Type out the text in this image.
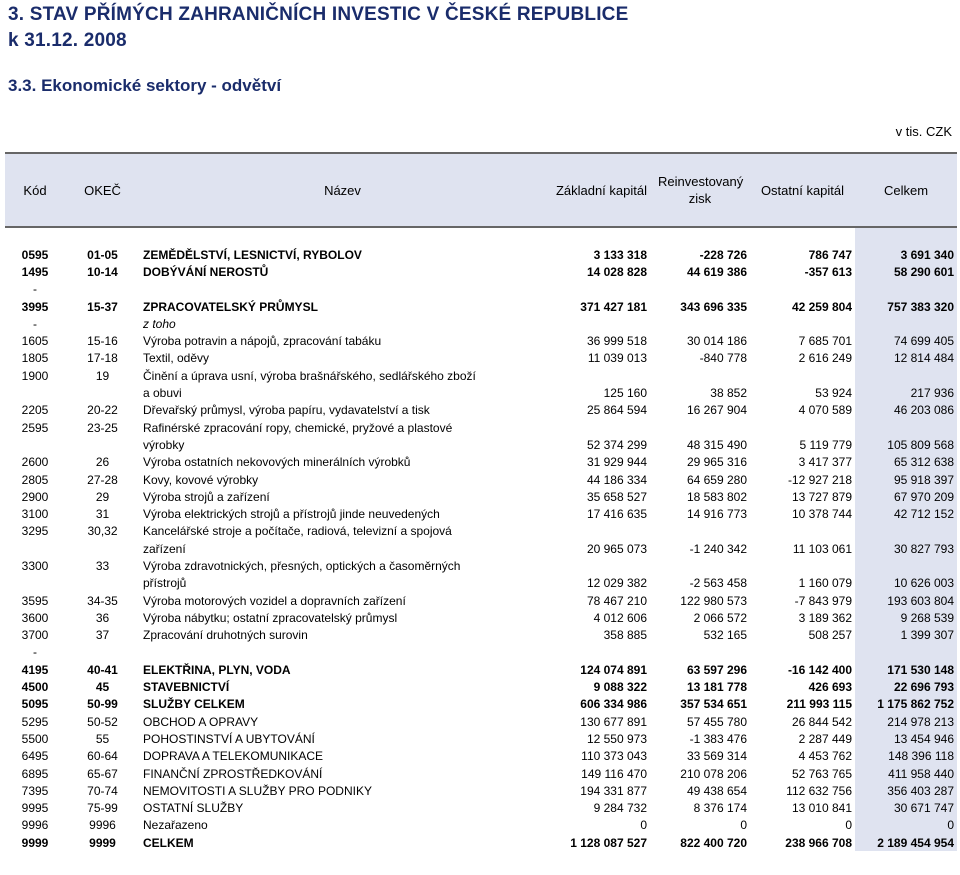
3. STAV PŘÍMÝCH ZAHRANIČNÍCH INVESTIC V ČESKÉ REPUBLICE
k 31.12. 2008
3.3. Ekonomické sektory - odvětví
v tis. CZK
Kód	OKEČ	Název	Základní kapitál	Reinvestovaný zisk	Ostatní kapitál	Celkem
0595	01-05	ZEMĚDĚLSTVÍ, LESNICTVÍ, RYBOLOV	3 133 318	-228 726	786 747	3 691 340
1495	10-14	DOBÝVÁNÍ NEROSTŮ	14 028 828	44 619 386	-357 613	58 290 601
-						
3995	15-37	ZPRACOVATELSKÝ PRŮMYSL	371 427 181	343 696 335	42 259 804	757 383 320
-		z toho				
1605	15-16	Výroba potravin a nápojů, zpracování tabáku	36 999 518	30 014 186	7 685 701	74 699 405
1805	17-18	Textil, oděvy	11 039 013	-840 778	2 616 249	12 814 484
1900	19	Činění a úprava usní, výroba brašnářského, sedlářského zboží				
		a obuvi	125 160	38 852	53 924	217 936
2205	20-22	Dřevařský průmysl, výroba papíru, vydavatelství a tisk	25 864 594	16 267 904	4 070 589	46 203 086
2595	23-25	Rafinérské zpracování ropy, chemické, pryžové a plastové				
		výrobky	52 374 299	48 315 490	5 119 779	105 809 568
2600	26	Výroba ostatních nekovových minerálních výrobků	31 929 944	29 965 316	3 417 377	65 312 638
2805	27-28	Kovy, kovové výrobky	44 186 334	64 659 280	-12 927 218	95 918 397
2900	29	Výroba strojů a zařízení	35 658 527	18 583 802	13 727 879	67 970 209
3100	31	Výroba elektrických strojů a přístrojů jinde neuvedených	17 416 635	14 916 773	10 378 744	42 712 152
3295	30,32	Kancelářské stroje a počítače, radiová, televizní a spojová				
		zařízení	20 965 073	-1 240 342	11 103 061	30 827 793
3300	33	Výroba zdravotnických, přesných, optických a časoměrných				
		přístrojů	12 029 382	-2 563 458	1 160 079	10 626 003
3595	34-35	Výroba motorových vozidel a dopravních zařízení	78 467 210	122 980 573	-7 843 979	193 603 804
3600	36	Výroba nábytku; ostatní zpracovatelský průmysl	4 012 606	2 066 572	3 189 362	9 268 539
3700	37	Zpracování druhotných surovin	358 885	532 165	508 257	1 399 307
-						
4195	40-41	ELEKTŘINA, PLYN, VODA	124 074 891	63 597 296	-16 142 400	171 530 148
4500	45	STAVEBNICTVÍ	9 088 322	13 181 778	426 693	22 696 793
5095	50-99	SLUŽBY CELKEM	606 334 986	357 534 651	211 993 115	1 175 862 752
5295	50-52	OBCHOD A OPRAVY	130 677 891	57 455 780	26 844 542	214 978 213
5500	55	POHOSTINSTVÍ A UBYTOVÁNÍ	12 550 973	-1 383 476	2 287 449	13 454 946
6495	60-64	DOPRAVA A TELEKOMUNIKACE	110 373 043	33 569 314	4 453 762	148 396 118
6895	65-67	FINANČNÍ ZPROSTŘEDKOVÁNÍ	149 116 470	210 078 206	52 763 765	411 958 440
7395	70-74	NEMOVITOSTI A SLUŽBY PRO PODNIKY	194 331 877	49 438 654	112 632 756	356 403 287
9995	75-99	OSTATNÍ SLUŽBY	9 284 732	8 376 174	13 010 841	30 671 747
9996	9996	Nezařazeno	0	0	0	0
9999	9999	CELKEM	1 128 087 527	822 400 720	238 966 708	2 189 454 954
